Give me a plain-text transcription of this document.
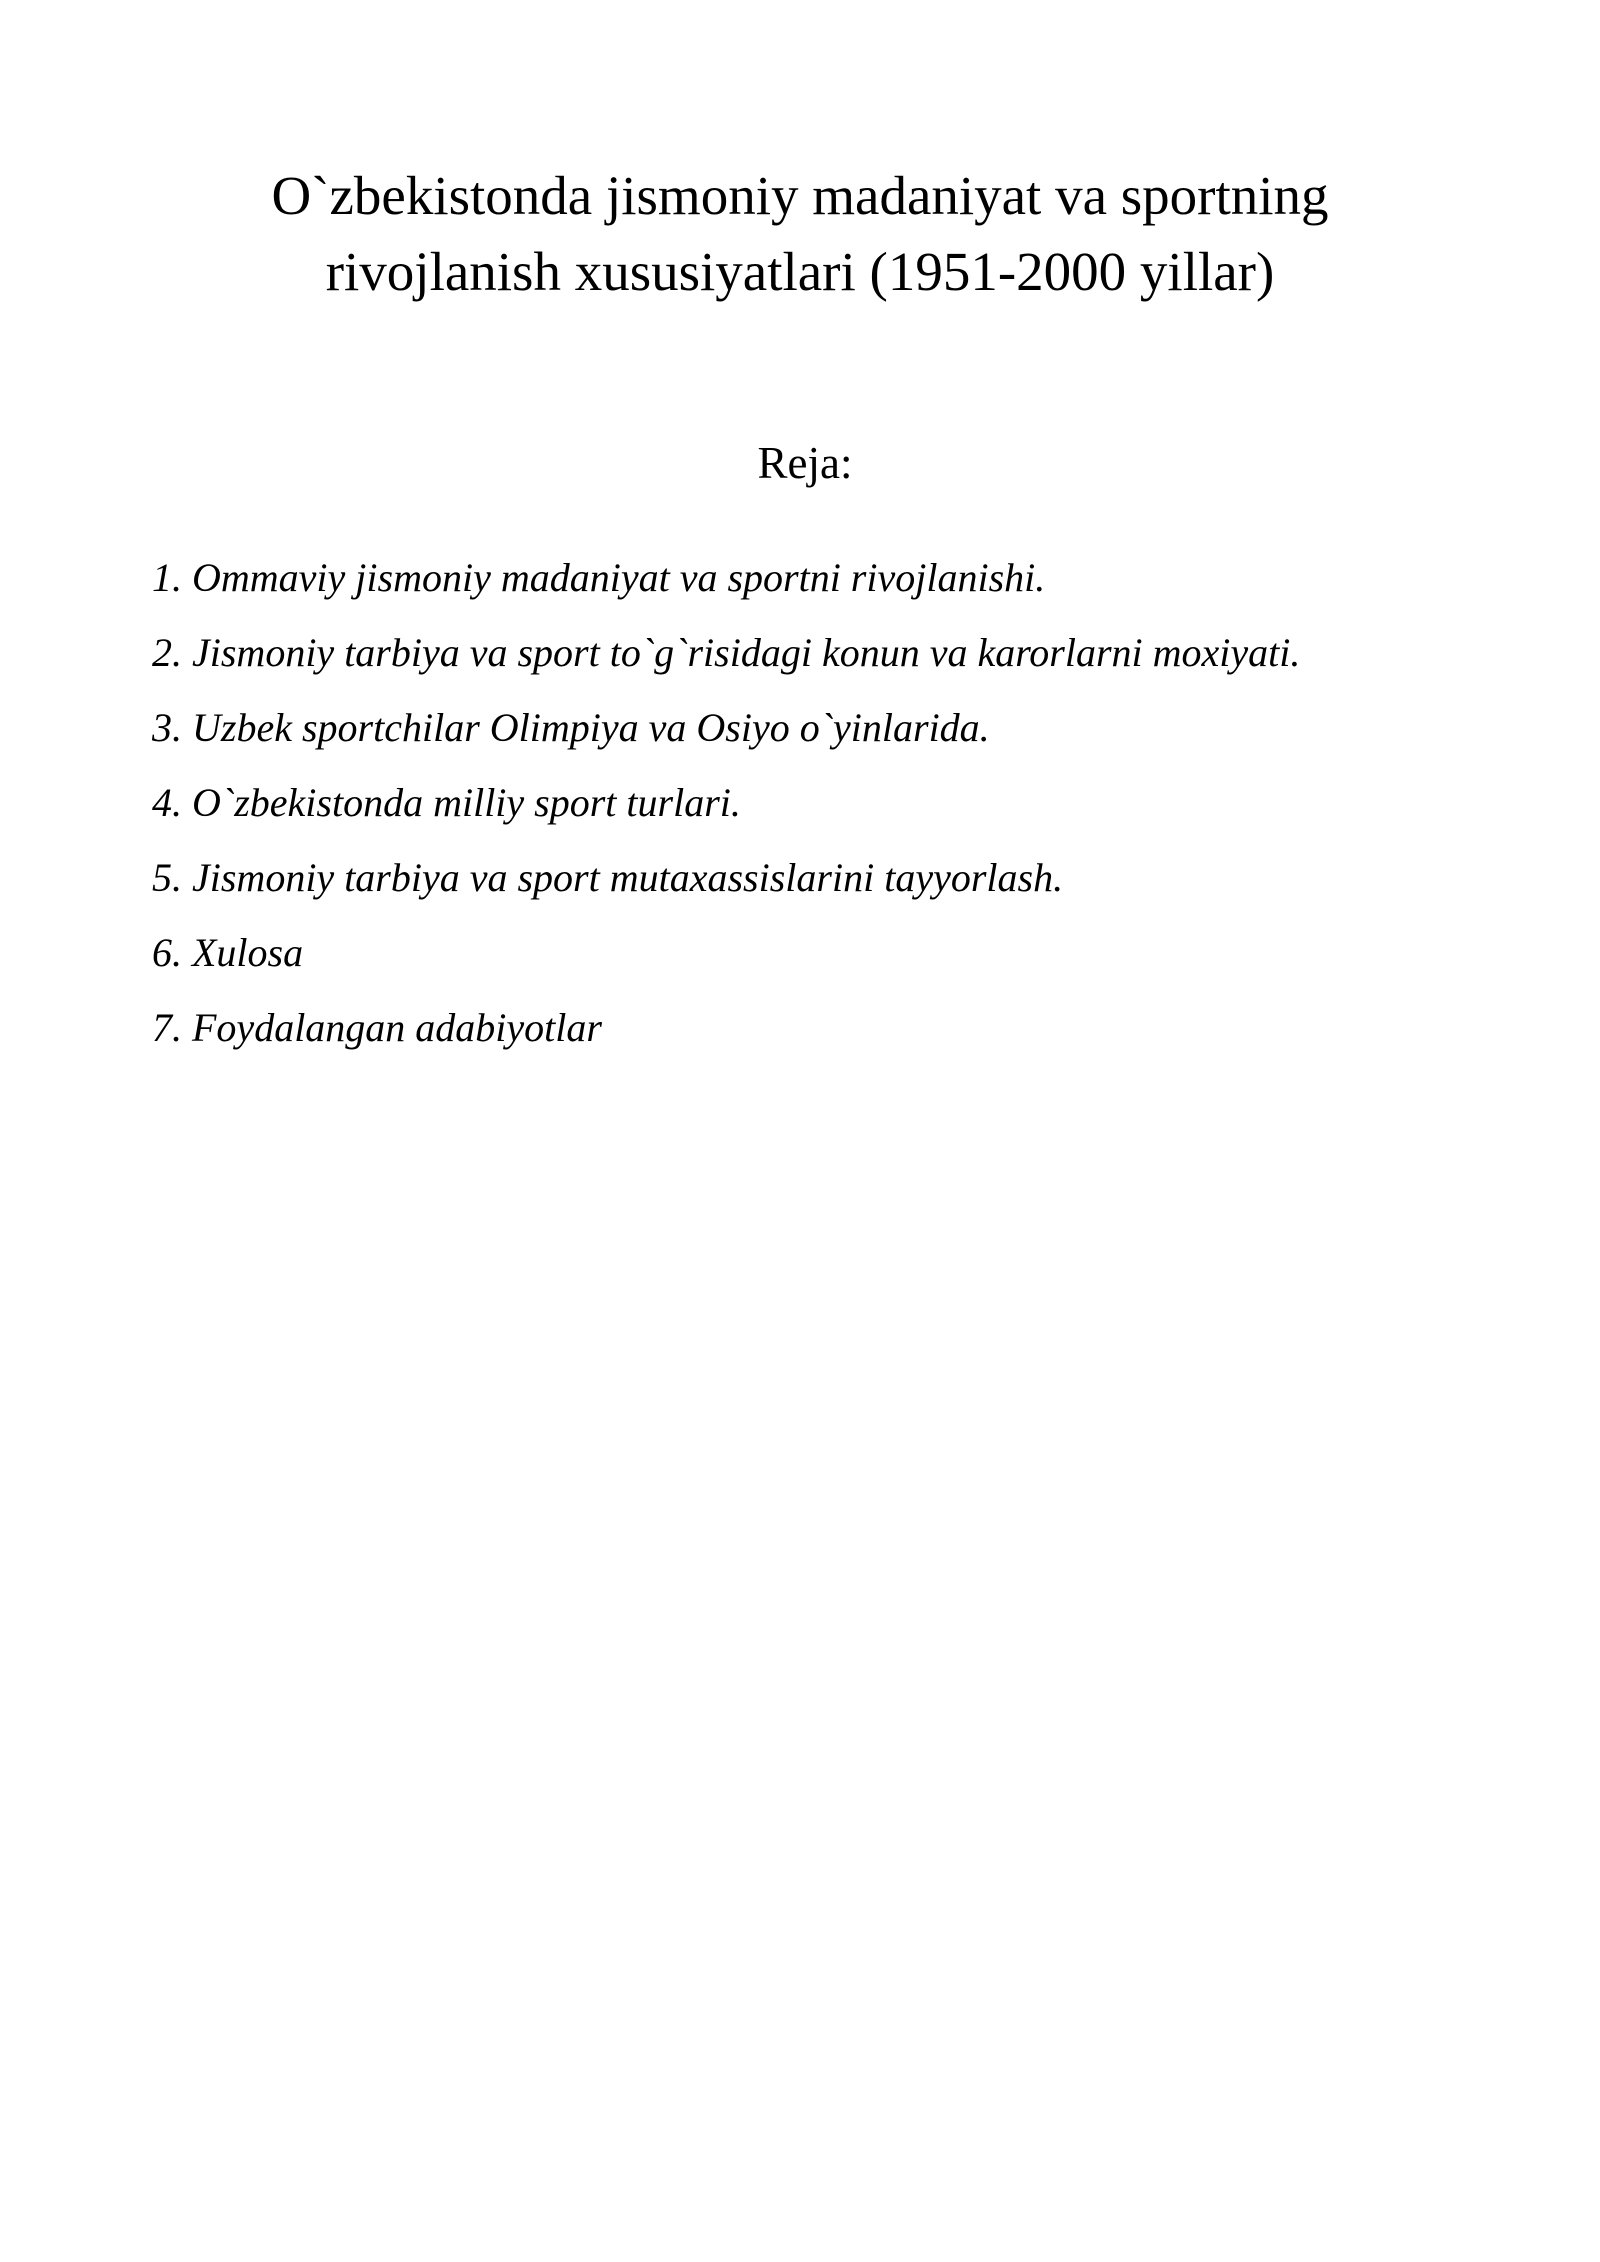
O`zbekistonda jismoniy madaniyat va sportning
rivojlanish xususiyatlari (1951-2000 yillar)
Reja:
1. Ommaviy jismoniy madaniyat va sportni rivojlanishi.
2. Jismoniy tarbiya va sport to`g`risidagi konun va karorlarni moxiyati.
3. Uzbek sportchilar Olimpiya va Osiyo o`yinlarida.
4. O`zbekistonda milliy sport turlari.
5. Jismoniy tarbiya va sport mutaxassislarini tayyorlash.
6. Xulosa
7. Foydalangan adabiyotlar
